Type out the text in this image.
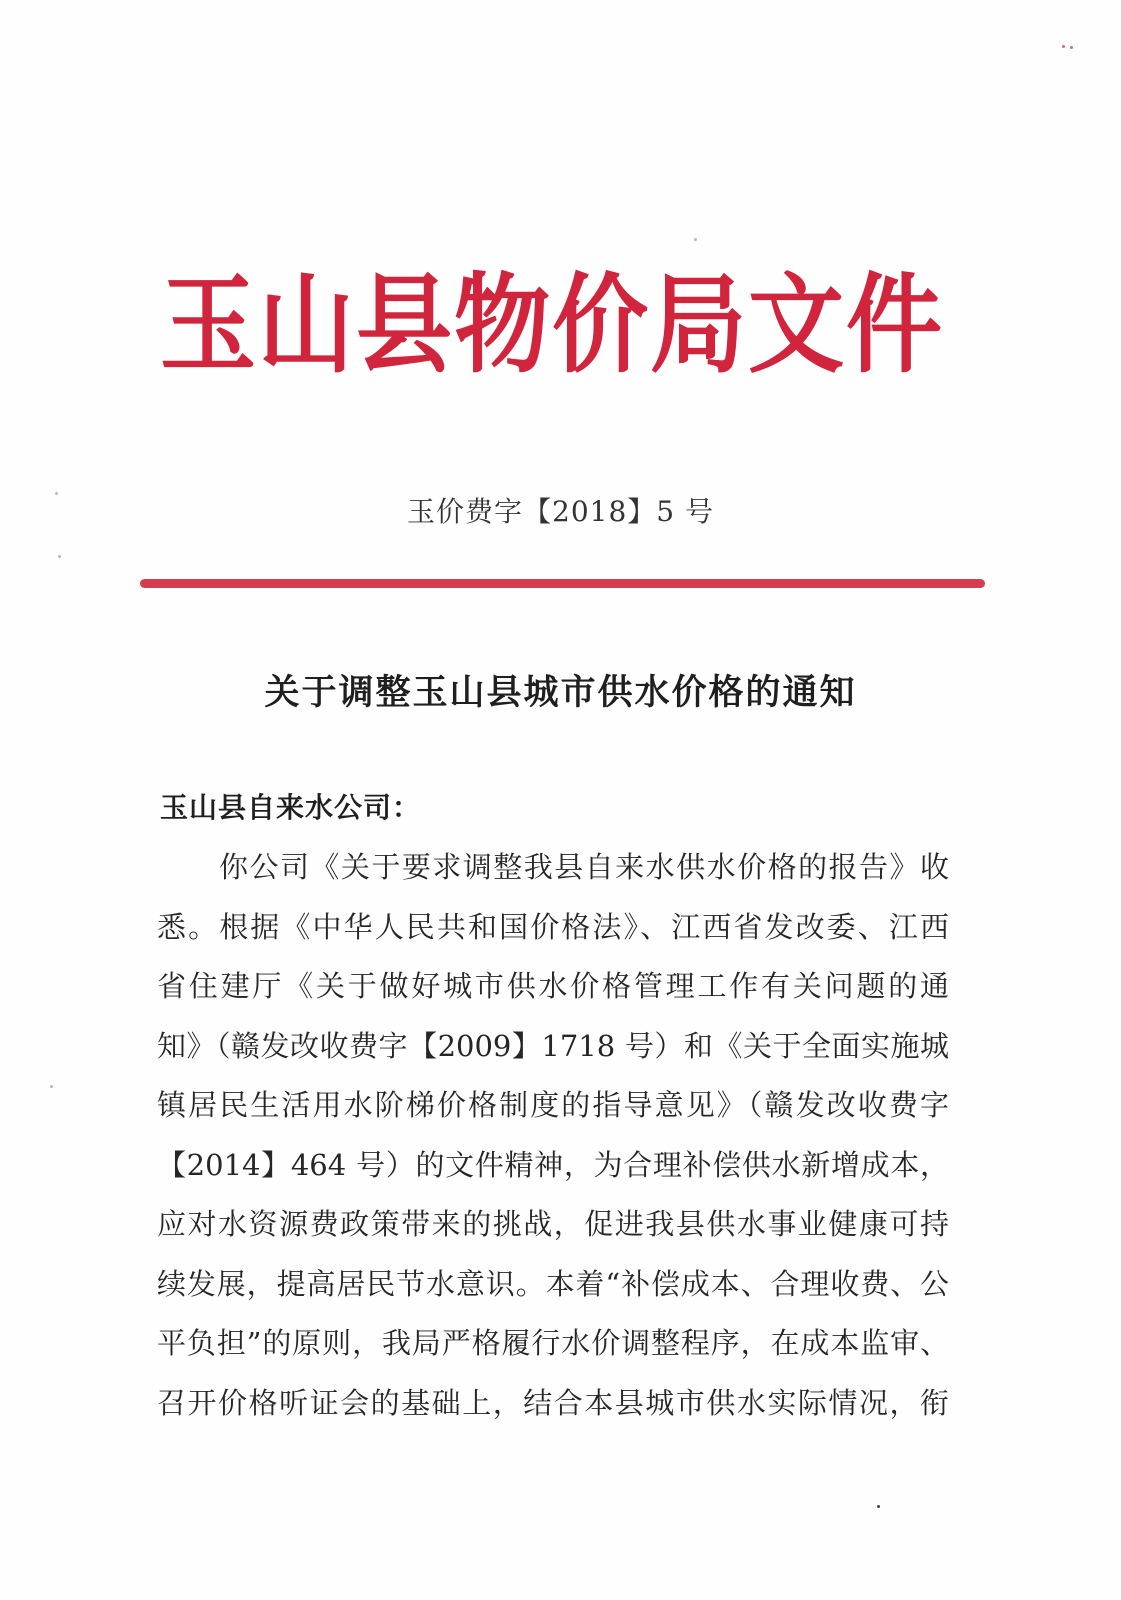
玉山县物价局文件
玉价费字【2018】5 号
关于调整玉山县城市供水价格的通知
玉山县自来水公司：
你公司《关于要求调整我县自来水供水价格的报告》收
悉。根据《中华人民共和国价格法》、江西省发改委、江西
省住建厅《关于做好城市供水价格管理工作有关问题的通
知》（赣发改收费字【2009】1718 号）和《关于全面实施城
镇居民生活用水阶梯价格制度的指导意见》（赣发改收费字
【2014】464 号）的文件精神，为合理补偿供水新增成本，
应对水资源费政策带来的挑战，促进我县供水事业健康可持
续发展，提高居民节水意识。本着“补偿成本、合理收费、公
平负担”的原则，我局严格履行水价调整程序，在成本监审、
召开价格听证会的基础上，结合本县城市供水实际情况，衔
